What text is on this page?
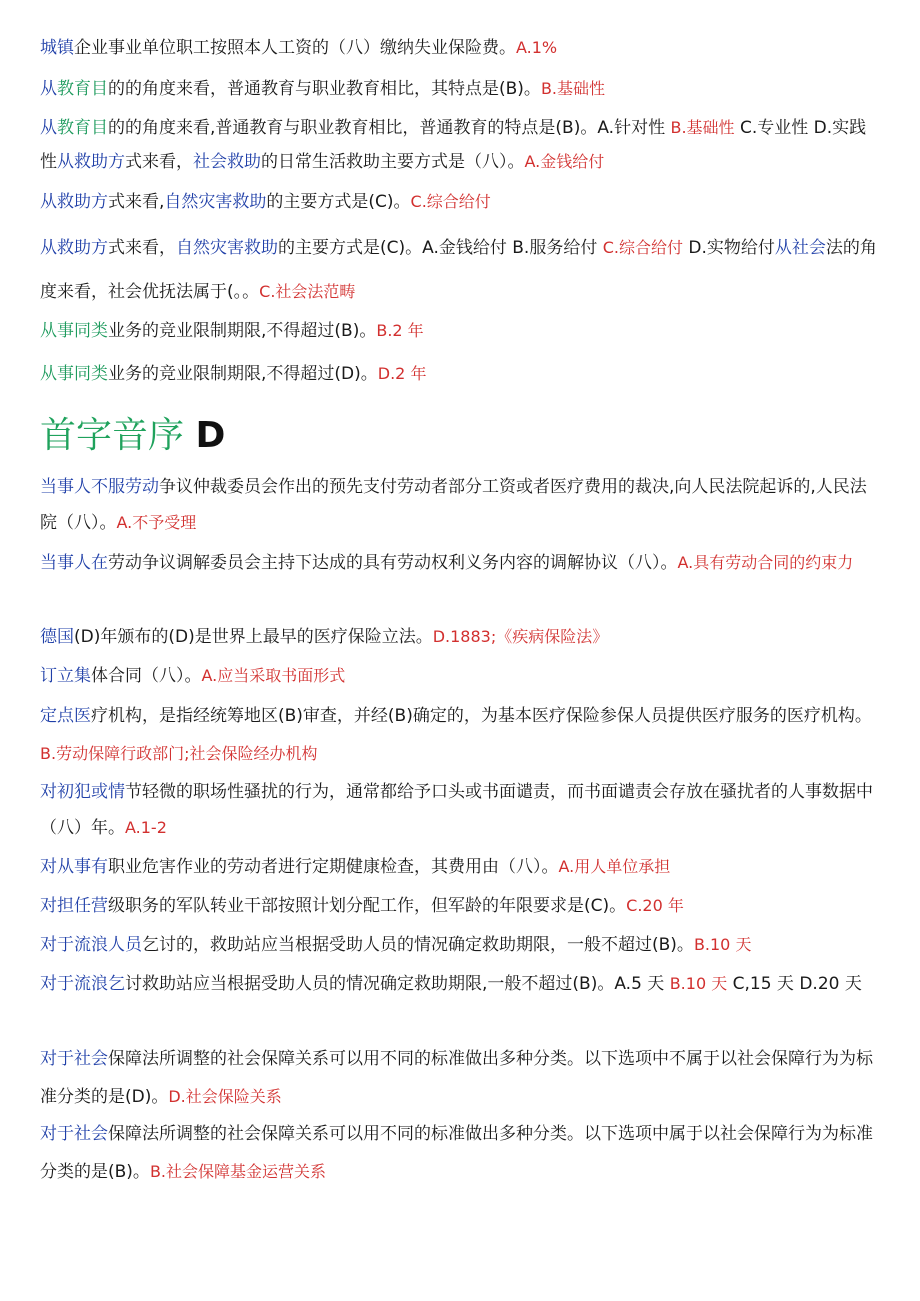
城镇企业事业单位职工按照本人工资的（八）缴纳失业保险费。A.1%
从教育目的的角度来看，普通教育与职业教育相比，其特点是(B)。B.基础性
从教育目的的角度来看,普通教育与职业教育相比，普通教育的特点是(B)。A.针对性 B.基础性 C.专业性 D.实践性从救助方式来看，社会救助的日常生活救助主要方式是（八）。A.金钱给付
从救助方式来看,自然灾害救助的主要方式是(C)。C.综合给付
从救助方式来看，自然灾害救助的主要方式是(C)。A.金钱给付 B.服务给付 C.综合给付 D.实物给付从社会法的角度来看，社会优抚法属于(。。C.社会法范畴
从事同类业务的竞业限制期限,不得超过(B)。B.2 年
从事同类业务的竞业限制期限,不得超过(D)。D.2 年
首字音序 D
当事人不服劳动争议仲裁委员会作出的预先支付劳动者部分工资或者医疗费用的裁决,向人民法院起诉的,人民法院（八）。A.不予受理
当事人在劳动争议调解委员会主持下达成的具有劳动权利义务内容的调解协议（八）。A.具有劳动合同的约束力
德国(D)年颁布的(D)是世界上最早的医疗保险立法。D.1883;《疾病保险法》
订立集体合同（八）。A.应当采取书面形式
定点医疗机构，是指经统筹地区(B)审查，并经(B)确定的，为基本医疗保险参保人员提供医疗服务的医疗机构。B.劳动保障行政部门;社会保险经办机构
对初犯或情节轻微的职场性骚扰的行为，通常都给予口头或书面谴责，而书面谴责会存放在骚扰者的人事数据中（八）年。A.1-2
对从事有职业危害作业的劳动者进行定期健康检查，其费用由（八）。A.用人单位承担
对担任营级职务的军队转业干部按照计划分配工作，但军龄的年限要求是(C)。C.20 年
对于流浪人员乞讨的，救助站应当根据受助人员的情况确定救助期限，一般不超过(B)。B.10 天
对于流浪乞讨救助站应当根据受助人员的情况确定救助期限,一般不超过(B)。A.5 天 B.10 天 C,15 天 D.20 天
对于社会保障法所调整的社会保障关系可以用不同的标准做出多种分类。以下选项中不属于以社会保障行为为标准分类的是(D)。D.社会保险关系
对于社会保障法所调整的社会保障关系可以用不同的标准做出多种分类。以下选项中属于以社会保障行为为标准分类的是(B)。B.社会保障基金运营关系
